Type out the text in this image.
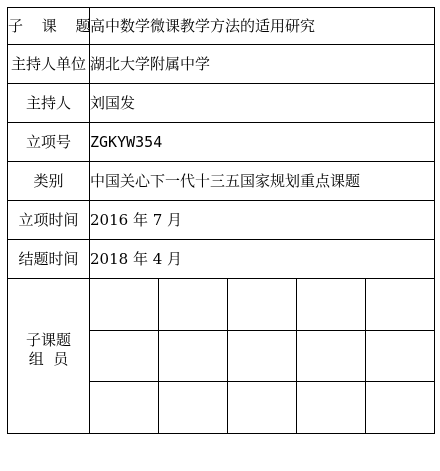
子 课 题	高中数学微课教学方法的适用研究
主持人单位	湖北大学附属中学
主持人	刘国发
立项号	ZGKYW354
类别	中国关心下一代十三五国家规划重点课题
立项时间	2016 年 7 月
结题时间	2018 年 4 月

子课题
组  员
